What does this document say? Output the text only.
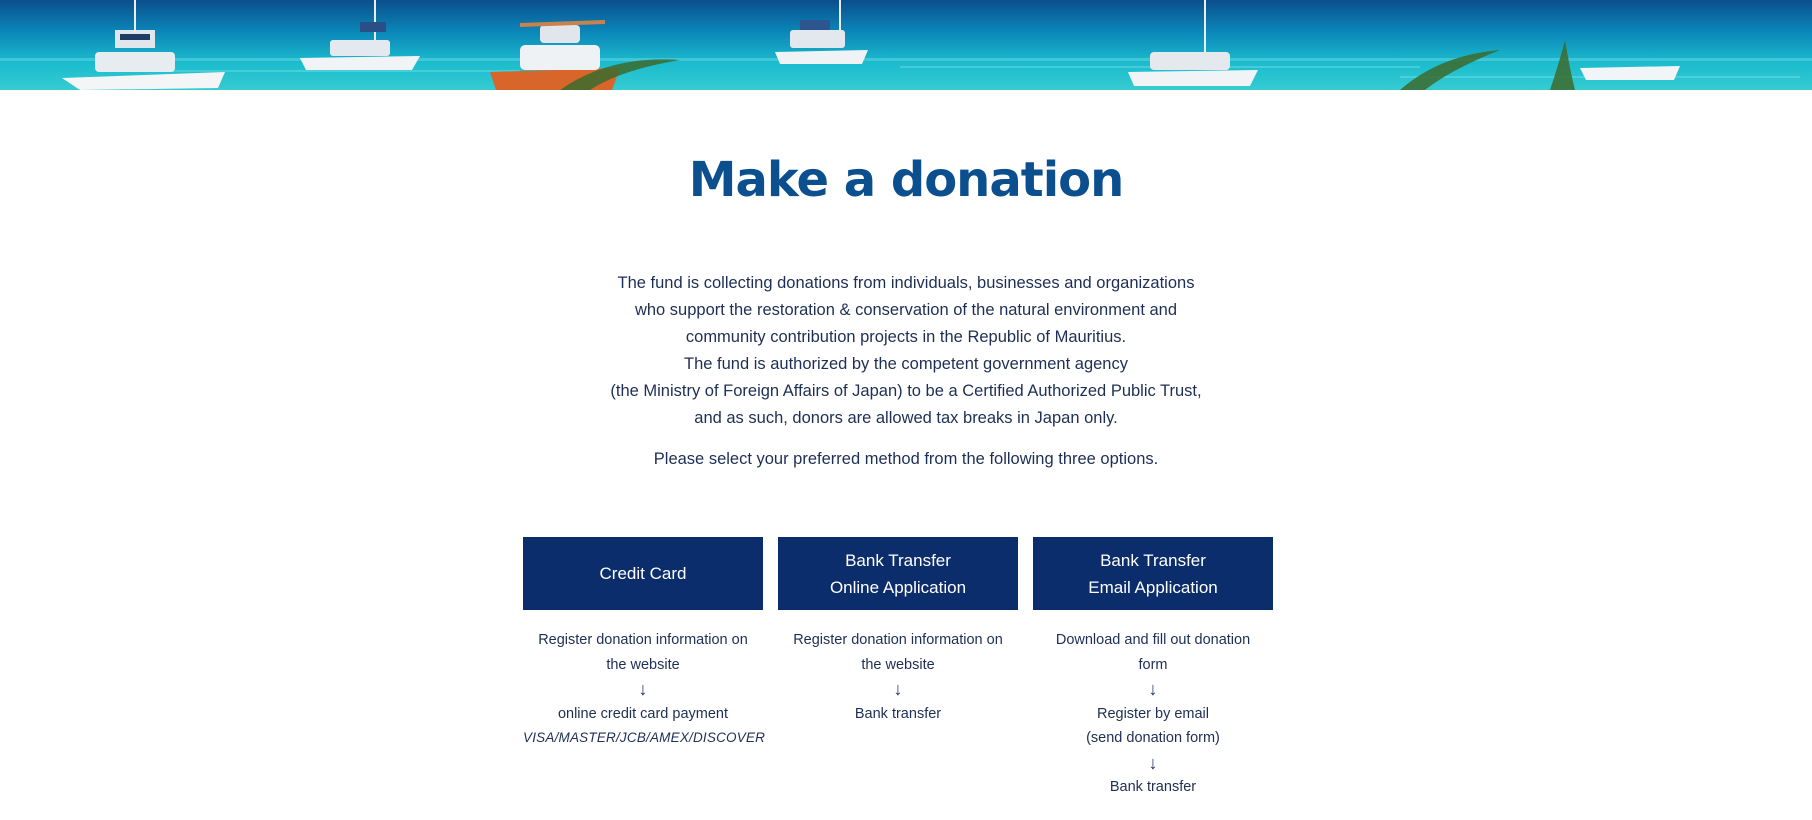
Make a donation
The fund is collecting donations from individuals, businesses and organizations
who support the restoration & conservation of the natural environment and
community contribution projects in the Republic of Mauritius.
The fund is authorized by the competent government agency
(the Ministry of Foreign Affairs of Japan) to be a Certified Authorized Public Trust,
and as such, donors are allowed tax breaks in Japan only.
Please select your preferred method from the following three options.
Credit Card
Register donation information on
the website
↓
online credit card payment
VISA/MASTER/JCB/AMEX/DISCOVER
Bank Transfer
Online Application
Register donation information on
the website
↓
Bank transfer
Bank Transfer
Email Application
Download and fill out donation
form
↓
Register by email
(send donation form)
↓
Bank transfer
